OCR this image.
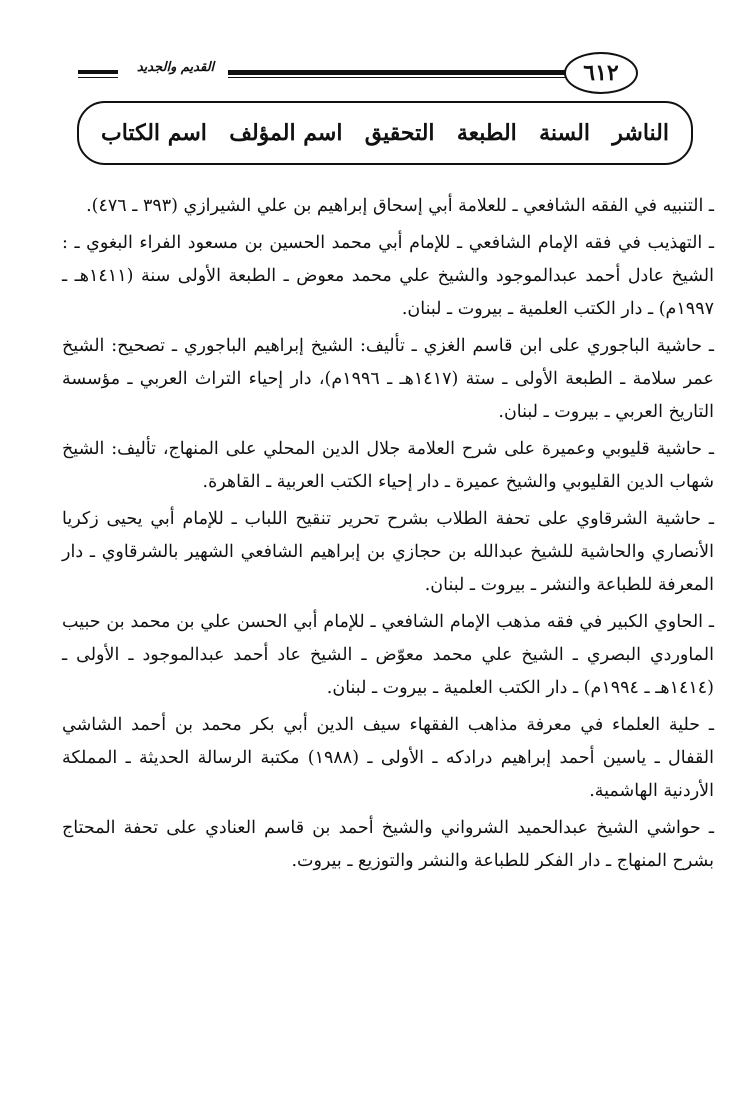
القديم والجديد	٦١٢
اسم الكتاب اسم المؤلف التحقيق الطبعة السنة الناشر

ـ التنبيه في الفقه الشافعي ـ للعلامة أبي إسحاق إبراهيم بن علي الشيرازي (٣٩٣ ـ ٤٧٦).

ـ التهذيب في فقه الإمام الشافعي ـ للإمام أبي محمد الحسين بن مسعود الفراء البغوي ـ : الشيخ عادل أحمد عبدالموجود والشيخ علي محمد معوض ـ الطبعة الأولى سنة (١٤١١هـ ـ ١٩٩٧م) ـ دار الكتب العلمية ـ بيروت ـ لبنان.

ـ حاشية الباجوري على ابن قاسم الغزي ـ تأليف: الشيخ إبراهيم الباجوري ـ تصحيح: الشيخ عمر سلامة ـ الطبعة الأولى ـ ستة (١٤١٧هـ ـ ١٩٩٦م)، دار إحياء التراث العربي ـ مؤسسة التاريخ العربي ـ بيروت ـ لبنان.

ـ حاشية قليوبي وعميرة على شرح العلامة جلال الدين المحلي على المنهاج، تأليف: الشيخ شهاب الدين القليوبي والشيخ عميرة ـ دار إحياء الكتب العربية ـ القاهرة.

ـ حاشية الشرقاوي على تحفة الطلاب بشرح تحرير تنقيح اللباب ـ للإمام أبي يحيى زكريا الأنصاري والحاشية للشيخ عبدالله بن حجازي بن إبراهيم الشافعي الشهير بالشرقاوي ـ دار المعرفة للطباعة والنشر ـ بيروت ـ لبنان.

ـ الحاوي الكبير في فقه مذهب الإمام الشافعي ـ للإمام أبي الحسن علي بن محمد بن حبيب الماوردي البصري ـ الشيخ علي محمد معوّض ـ الشيخ عاد أحمد عبدالموجود ـ الأولى ـ (١٤١٤هـ ـ ١٩٩٤م) ـ دار الكتب العلمية ـ بيروت ـ لبنان.

ـ حلية العلماء في معرفة مذاهب الفقهاء سيف الدين أبي بكر محمد بن أحمد الشاشي القفال ـ ياسين أحمد إبراهيم درادكه ـ الأولى ـ (١٩٨٨) مكتبة الرسالة الحديثة ـ المملكة الأردنية الهاشمية.

ـ حواشي الشيخ عبدالحميد الشرواني والشيخ أحمد بن قاسم العنادي على تحفة المحتاج بشرح المنهاج ـ دار الفكر للطباعة والنشر والتوزيع ـ بيروت.
